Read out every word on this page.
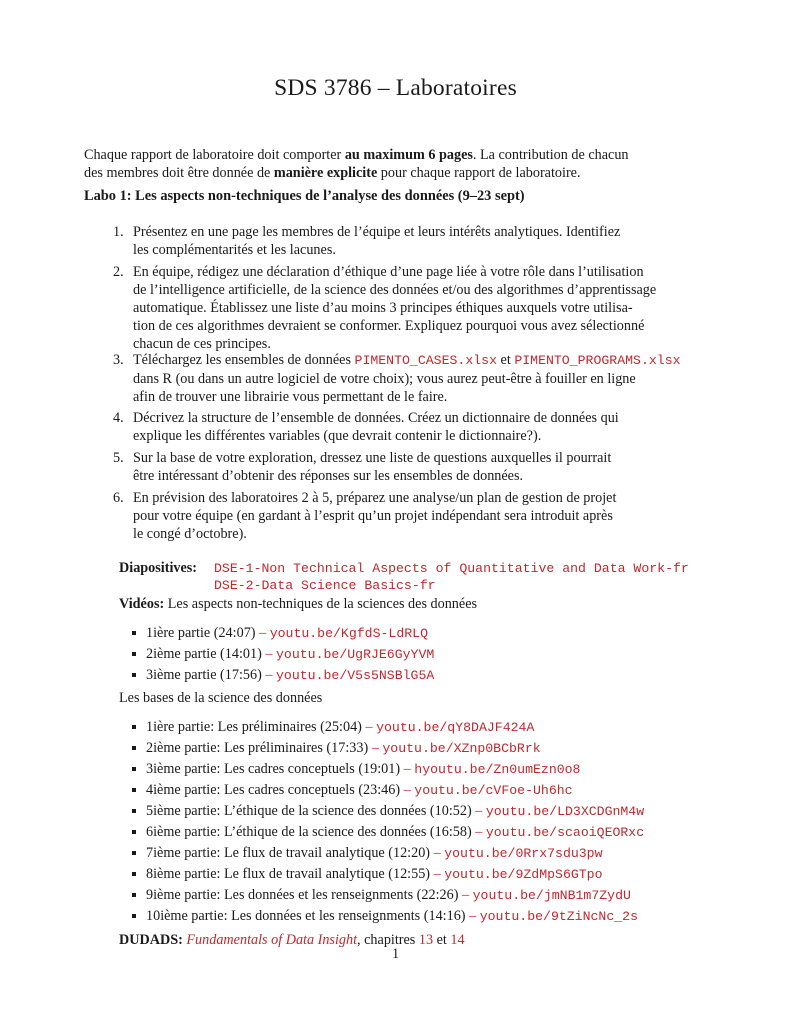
SDS 3786 – Laboratoires
Chaque rapport de laboratoire doit comporter au maximum 6 pages. La contribution de chacun
des membres doit être donnée de manière explicite pour chaque rapport de laboratoire.
Labo 1: Les aspects non-techniques de l’analyse des données (9–23 sept)
1. Présentez en une page les membres de l’équipe et leurs intérêts analytiques. Identifiez
les complémentarités et les lacunes.
2. En équipe, rédigez une déclaration d’éthique d’une page liée à votre rôle dans l’utilisation
de l’intelligence artificielle, de la science des données et/ou des algorithmes d’apprentissage
automatique. Établissez une liste d’au moins 3 principes éthiques auxquels votre utilisa-
tion de ces algorithmes devraient se conformer. Expliquez pourquoi vous avez sélectionné
chacun de ces principes.
3. Téléchargez les ensembles de données PIMENTO_CASES.xlsx et PIMENTO_PROGRAMS.xlsx
dans R (ou dans un autre logiciel de votre choix); vous aurez peut-être à fouiller en ligne
afin de trouver une librairie vous permettant de le faire.
4. Décrivez la structure de l’ensemble de données. Créez un dictionnaire de données qui
explique les différentes variables (que devrait contenir le dictionnaire?).
5. Sur la base de votre exploration, dressez une liste de questions auxquelles il pourrait
être intéressant d’obtenir des réponses sur les ensembles de données.
6. En prévision des laboratoires 2 à 5, préparez une analyse/un plan de gestion de projet
pour votre équipe (en gardant à l’esprit qu’un projet indépendant sera introduit après
le congé d’octobre).
Diapositives: DSE-1-Non Technical Aspects of Quantitative and Data Work-fr
DSE-2-Data Science Basics-fr
Vidéos: Les aspects non-techniques de la sciences des données
1ière partie (24:07) – youtu.be/KgfdS-LdRLQ
2ième partie (14:01) – youtu.be/UgRJE6GyYVM
3ième partie (17:56) – youtu.be/V5s5NSBlG5A
Les bases de la science des données
1ière partie: Les préliminaires (25:04) – youtu.be/qY8DAJF424A
2ième partie: Les préliminaires (17:33) – youtu.be/XZnp0BCbRrk
3ième partie: Les cadres conceptuels (19:01) – hyoutu.be/Zn0umEzn0o8
4ième partie: Les cadres conceptuels (23:46) – youtu.be/cVFoe-Uh6hc
5ième partie: L’éthique de la science des données (10:52) – youtu.be/LD3XCDGnM4w
6ième partie: L’éthique de la science des données (16:58) – youtu.be/scaoiQEORxc
7ième partie: Le flux de travail analytique (12:20) – youtu.be/0Rrx7sdu3pw
8ième partie: Le flux de travail analytique (12:55) – youtu.be/9ZdMpS6GTpo
9ième partie: Les données et les renseignments (22:26) – youtu.be/jmNB1m7ZydU
10ième partie: Les données et les renseignments (14:16) – youtu.be/9tZiNcNc_2s
DUDADS: Fundamentals of Data Insight, chapitres 13 et 14
1
